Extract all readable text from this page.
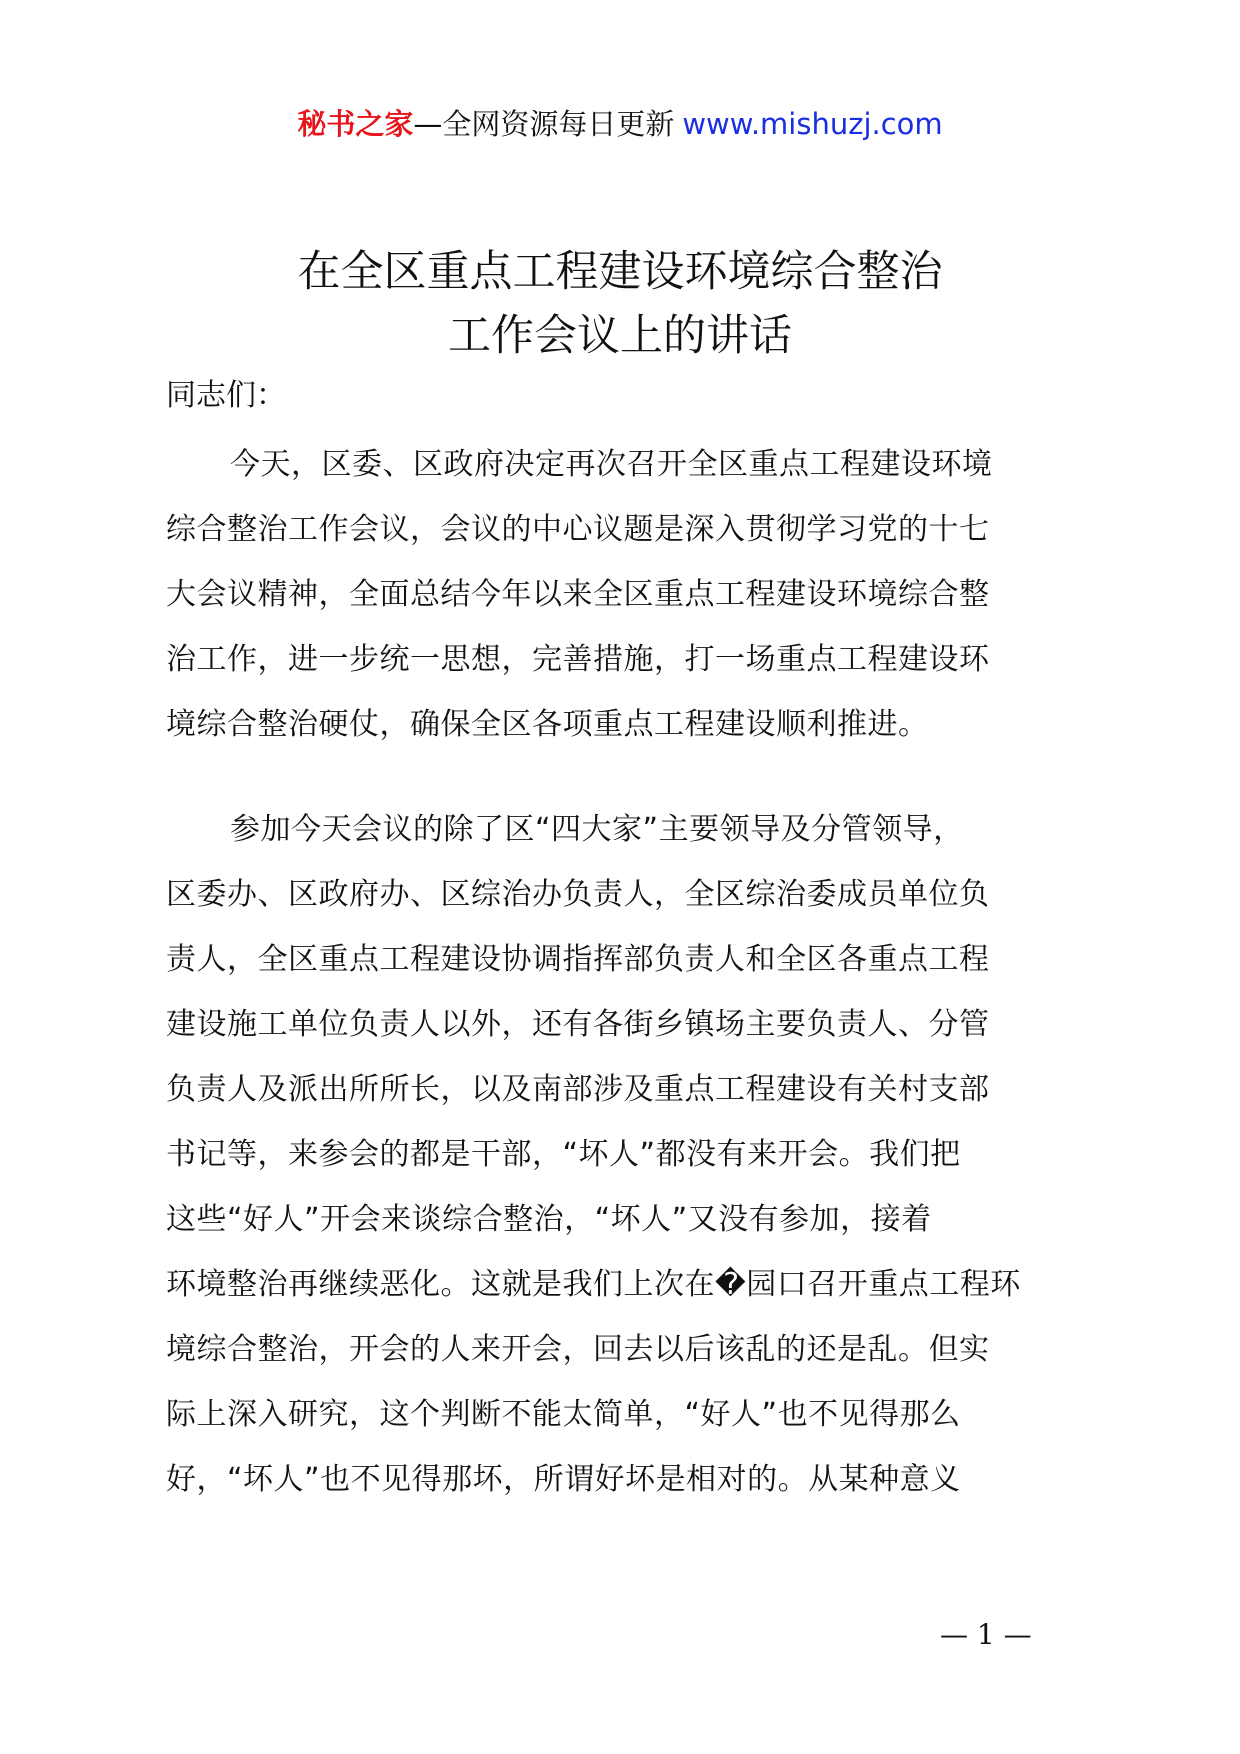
秘书之家—全网资源每日更新 www.mishuzj.com
在全区重点工程建设环境综合整治
工作会议上的讲话
同志们：
今天，区委、区政府决定再次召开全区重点工程建设环境
综合整治工作会议，会议的中心议题是深入贯彻学习党的十七
大会议精神，全面总结今年以来全区重点工程建设环境综合整
治工作，进一步统一思想，完善措施，打一场重点工程建设环
境综合整治硬仗，确保全区各项重点工程建设顺利推进。
参加今天会议的除了区“四大家”主要领导及分管领导，
区委办、区政府办、区综治办负责人，全区综治委成员单位负
责人，全区重点工程建设协调指挥部负责人和全区各重点工程
建设施工单位负责人以外，还有各街乡镇场主要负责人、分管
负责人及派出所所长，以及南部涉及重点工程建设有关村支部
书记等，来参会的都是干部，“坏人”都没有来开会。我们把
这些“好人”开会来谈综合整治，“坏人”又没有参加，接着
环境整治再继续恶化。这就是我们上次在�园口召开重点工程环
境综合整治，开会的人来开会，回去以后该乱的还是乱。但实
际上深入研究，这个判断不能太简单，“好人”也不见得那么
好，“坏人”也不见得那坏，所谓好坏是相对的。从某种意义
— 1 —
